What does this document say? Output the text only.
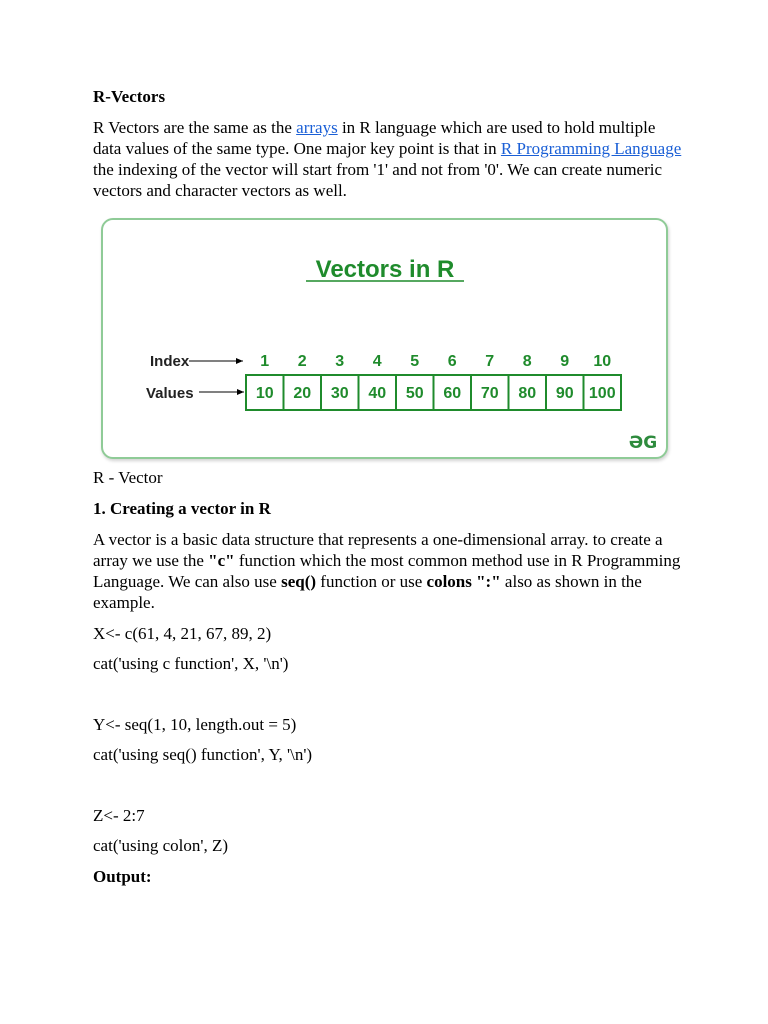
R-Vectors

R Vectors are the same as the arrays in R language which are used to hold multiple data values of the same type. One major key point is that in R Programming Language the indexing of the vector will start from '1' and not from '0'. We can create numeric vectors and character vectors as well.

Vectors in R
Index
Values
1 2 3 4 5 6 7 8 9 10
10 20 30 40 50 60 70 80 90 100
ƏG

R - Vector

1. Creating a vector in R

A vector is a basic data structure that represents a one-dimensional array. to create a array we use the "c" function which the most common method use in R Programming Language. We can also use seq() function or use colons ":" also as shown in the example.

X<- c(61, 4, 21, 67, 89, 2)

cat('using c function', X, '\n')

Y<- seq(1, 10, length.out = 5)

cat('using seq() function', Y, '\n')

Z<- 2:7

cat('using colon', Z)

Output:
